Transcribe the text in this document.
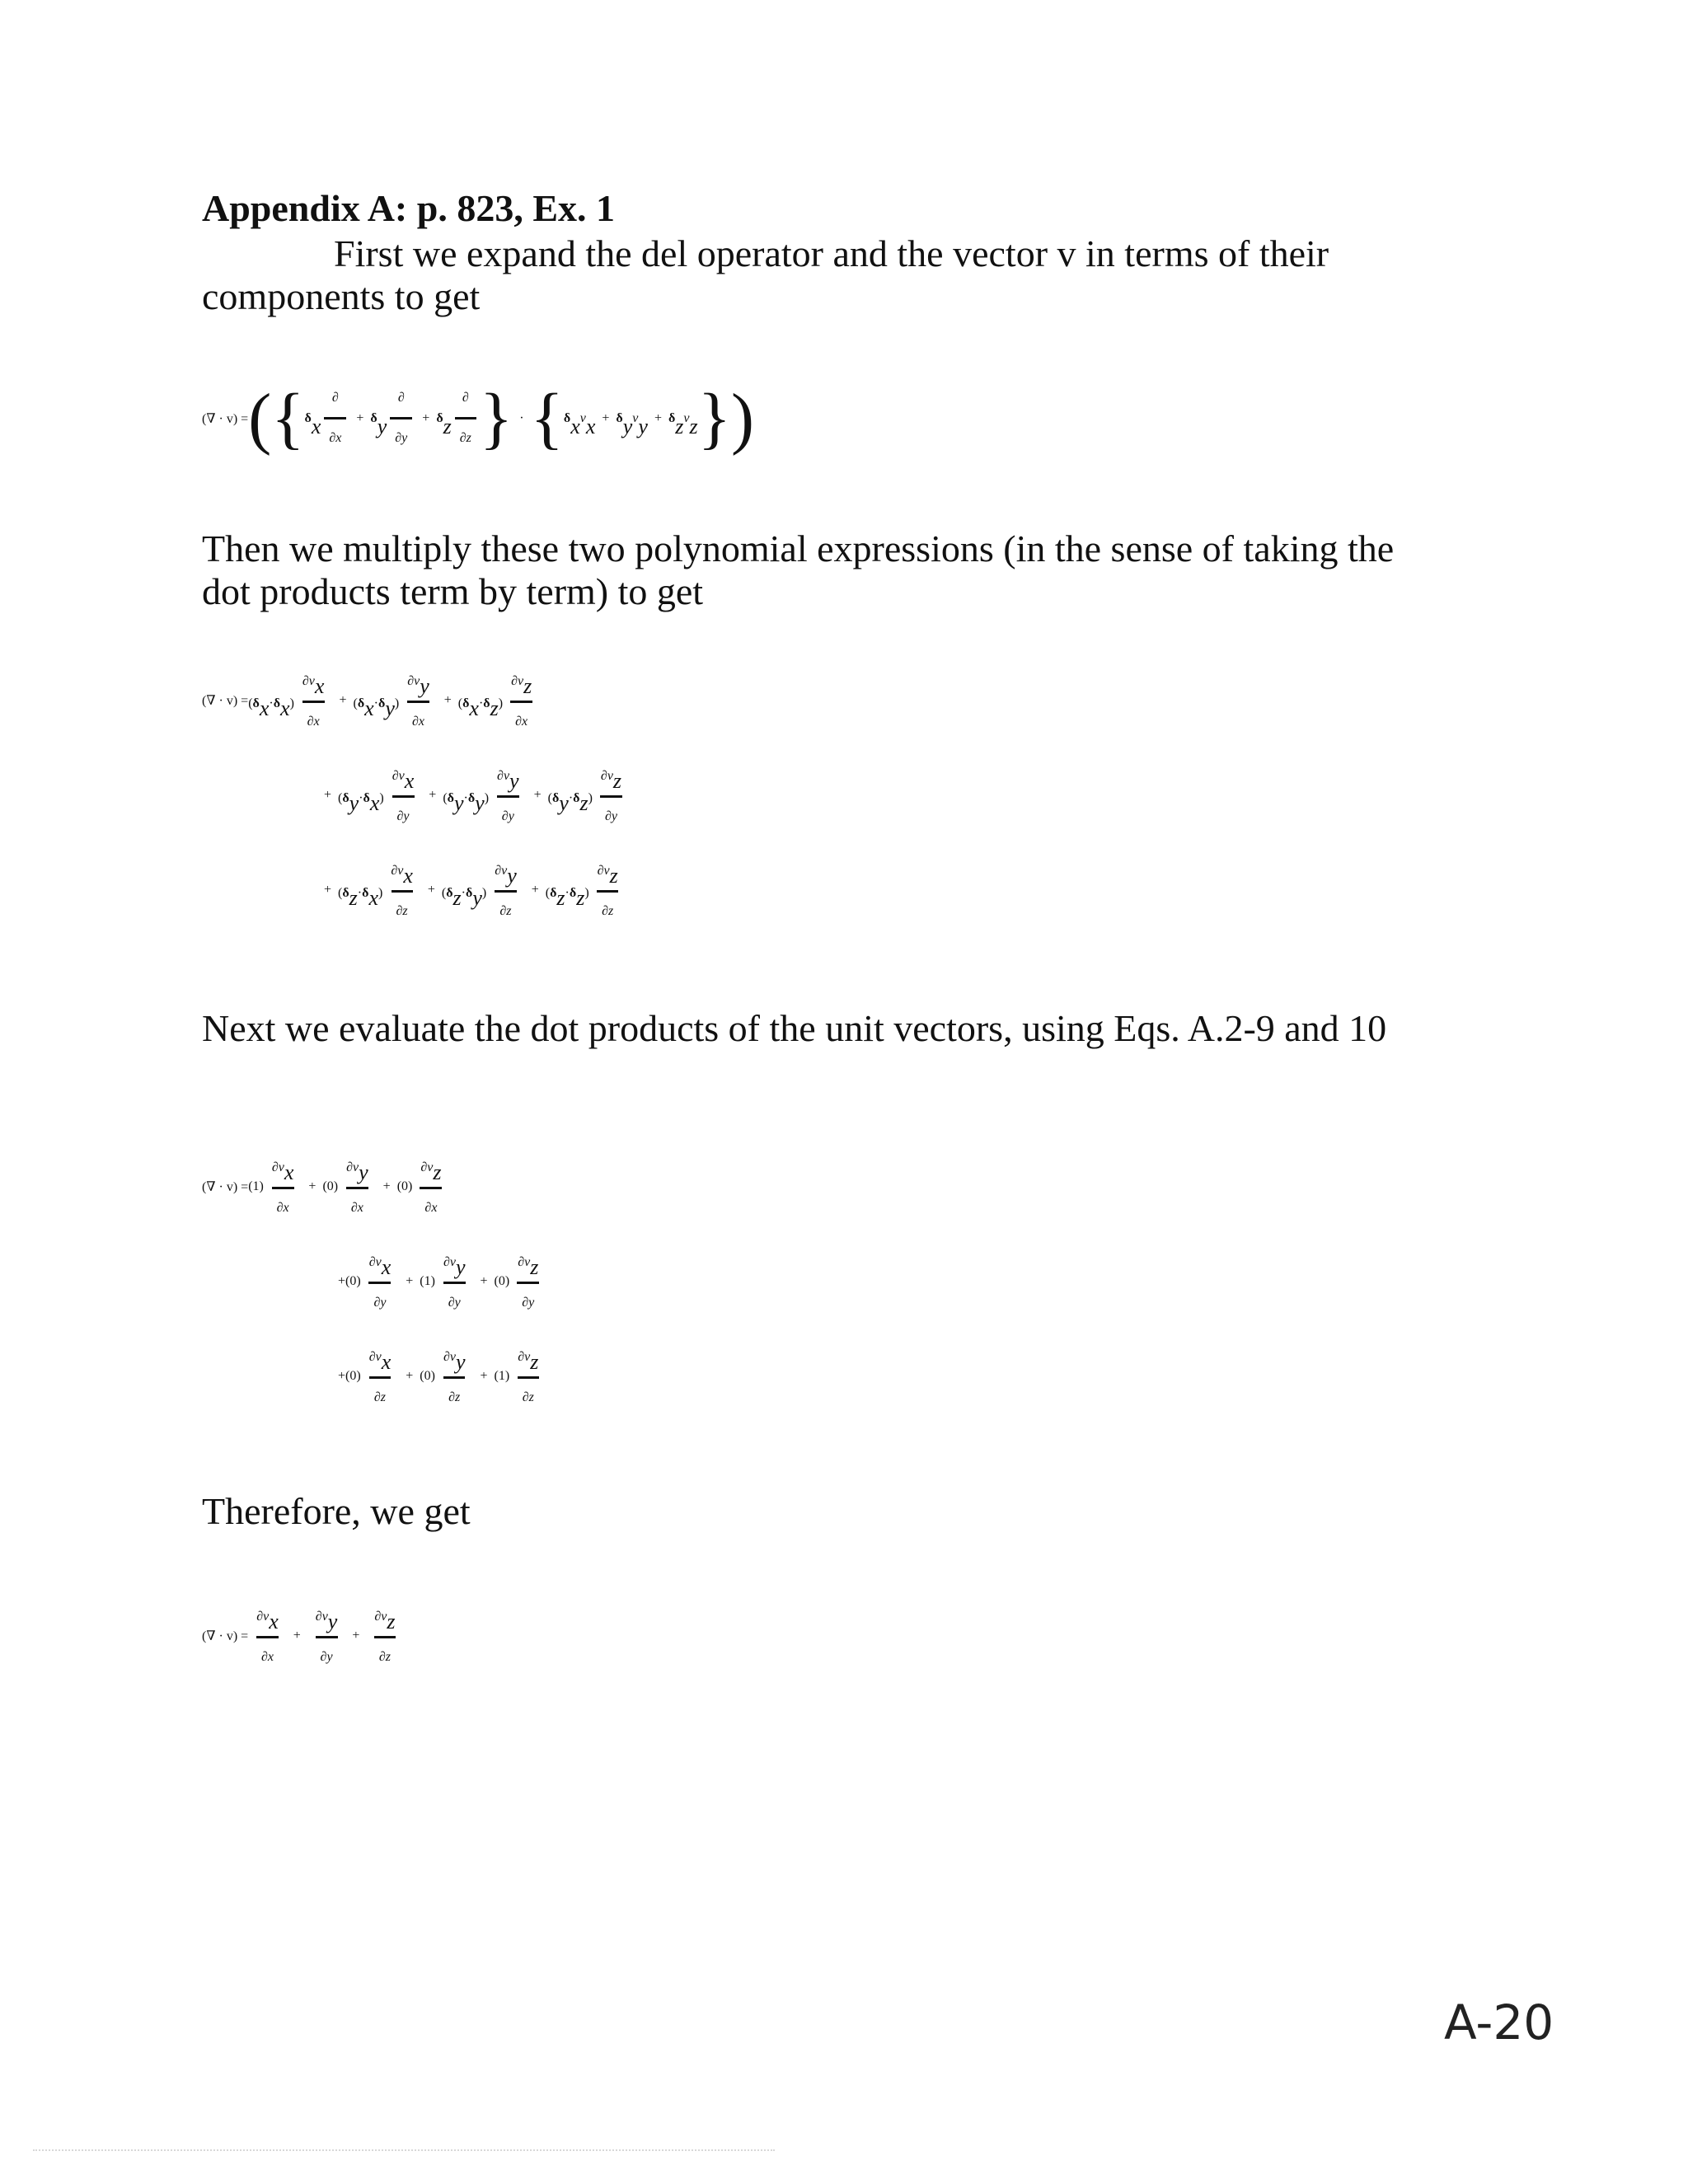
Appendix A: p. 823, Ex. 1
First we expand the del operator and the vector v in terms of their components to get
(∇ · v) = ( { δ x $\frac{\partial}{\partial x} + \delta$ y $\frac{\partial}{\partial y} + \delta$ z $\frac{\partial}{\partial z}$ } · { δ x v x + δ y v y + δ z v z } )
Then we multiply these two polynomial expressions (in the sense of taking the dot products term by term) to get
(∇ · $v) = (\delta x\cdot\delta x) \frac{\partial vx}{\partial x} + (\delta x\cdot\delta y) \frac{\partial vy}{\partial x} + (\delta x\cdot\delta z) \frac{\partial vz}{\partial x}$
+ $(\delta y\cdot\delta x) \frac{\partial vx}{\partial y} + (\delta y\cdot\delta y) \frac{\partial vy}{\partial y} + (\delta y\cdot\delta z) \frac{\partial vz}{\partial y}$
+ $(\delta z\cdot\delta x) \frac{\partial vx}{\partial z} + (\delta z\cdot\delta y) \frac{\partial vy}{\partial z} + (\delta z\cdot\delta z) \frac{\partial vz}{\partial z}$
Next we evaluate the dot products of the unit vectors, using Eqs. A.2-9 and 10
(∇ · $v) = (1) \frac{\partial vx}{\partial x} + (0) \frac{\partial vy}{\partial x} + (0) \frac{\partial vz}{\partial x}$
+ $(0) \frac{\partial vx}{\partial y} + (1) \frac{\partial vy}{\partial y} + (0) \frac{\partial vz}{\partial y}$
+ $(0) \frac{\partial vx}{\partial z} + (0) \frac{\partial vy}{\partial z} + (1) \frac{\partial vz}{\partial z}$
Therefore, we get
(∇ · $v) = \frac{\partial vx}{\partial x} + \frac{\partial vy}{\partial y} + \frac{\partial vz}{\partial z}$
A-20
